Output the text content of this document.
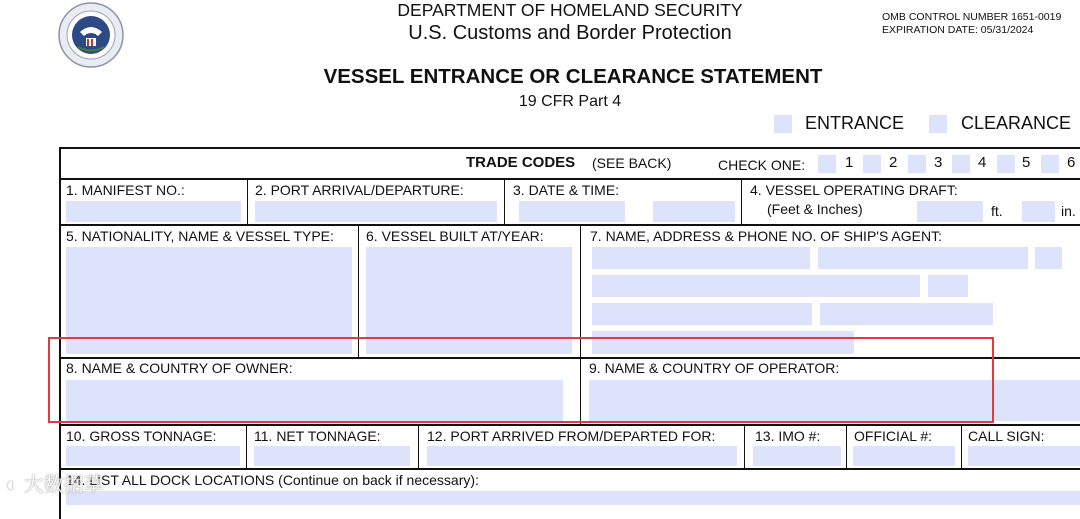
DEPARTMENT OF HOMELAND SECURITY
U.S. Customs and Border Protection
OMB CONTROL NUMBER 1651-0019
EXPIRATION DATE: 05/31/2024
VESSEL ENTRANCE OR CLEARANCE STATEMENT
19 CFR Part 4
ENTRANCE	CLEARANCE
TRADE CODES (SEE BACK)	CHECK ONE:	1 2 3 4 5 6
1. MANIFEST NO.:	2. PORT ARRIVAL/DEPARTURE:	3. DATE & TIME:	4. VESSEL OPERATING DRAFT:
(Feet & Inches)	ft.	in.
5. NATIONALITY, NAME & VESSEL TYPE: 6. VESSEL BUILT AT/YEAR:	7. NAME, ADDRESS & PHONE NO. OF SHIP'S AGENT:
8. NAME & COUNTRY OF OWNER:	9. NAME & COUNTRY OF OPERATOR:
10. GROSS TONNAGE:	11. NET TONNAGE:	12. PORT ARRIVED FROM/DEPARTED FOR:	13. IMO #: OFFICIAL #:	CALL SIGN:
14. LIST ALL DOCK LOCATIONS (Continue on back if necessary):
◐ 大数据草
